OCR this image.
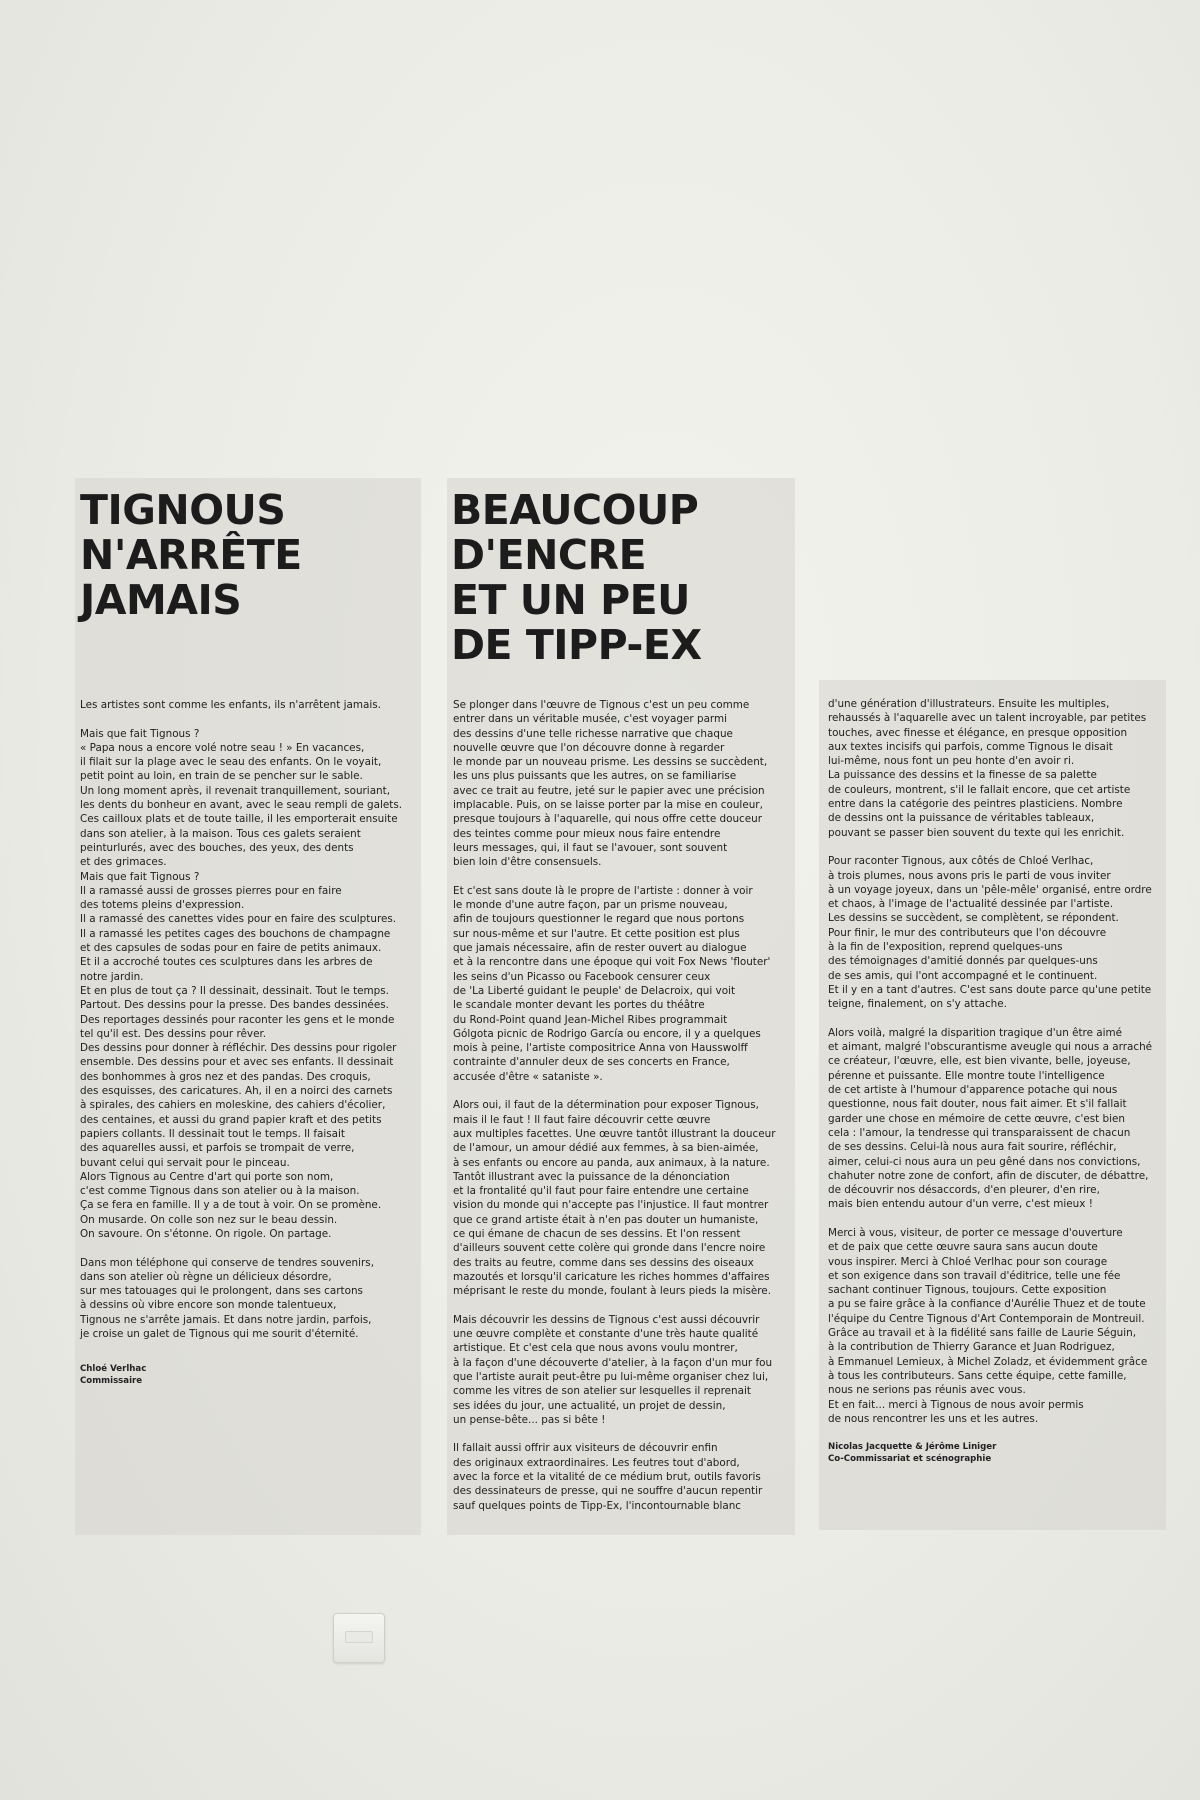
TIGNOUS
N'ARRÊTE
JAMAIS

Les artistes sont comme les enfants, ils n'arrêtent jamais.

Mais que fait Tignous ?
« Papa nous a encore volé notre seau ! » En vacances,
il filait sur la plage avec le seau des enfants. On le voyait,
petit point au loin, en train de se pencher sur le sable.
Un long moment après, il revenait tranquillement, souriant,
les dents du bonheur en avant, avec le seau rempli de galets.
Ces cailloux plats et de toute taille, il les emporterait ensuite
dans son atelier, à la maison. Tous ces galets seraient
peinturlurés, avec des bouches, des yeux, des dents
et des grimaces.
Mais que fait Tignous ?
Il a ramassé aussi de grosses pierres pour en faire
des totems pleins d'expression.
Il a ramassé des canettes vides pour en faire des sculptures.
Il a ramassé les petites cages des bouchons de champagne
et des capsules de sodas pour en faire de petits animaux.
Et il a accroché toutes ces sculptures dans les arbres de
notre jardin.
Et en plus de tout ça ? Il dessinait, dessinait. Tout le temps.
Partout. Des dessins pour la presse. Des bandes dessinées.
Des reportages dessinés pour raconter les gens et le monde
tel qu'il est. Des dessins pour rêver.
Des dessins pour donner à réfléchir. Des dessins pour rigoler
ensemble. Des dessins pour et avec ses enfants. Il dessinait
des bonhommes à gros nez et des pandas. Des croquis,
des esquisses, des caricatures. Ah, il en a noirci des carnets
à spirales, des cahiers en moleskine, des cahiers d'écolier,
des centaines, et aussi du grand papier kraft et des petits
papiers collants. Il dessinait tout le temps. Il faisait
des aquarelles aussi, et parfois se trompait de verre,
buvant celui qui servait pour le pinceau.
Alors Tignous au Centre d'art qui porte son nom,
c'est comme Tignous dans son atelier ou à la maison.
Ça se fera en famille. Il y a de tout à voir. On se promène.
On musarde. On colle son nez sur le beau dessin.
On savoure. On s'étonne. On rigole. On partage.

Dans mon téléphone qui conserve de tendres souvenirs,
dans son atelier où règne un délicieux désordre,
sur mes tatouages qui le prolongent, dans ses cartons
à dessins où vibre encore son monde talentueux,
Tignous ne s'arrête jamais. Et dans notre jardin, parfois,
je croise un galet de Tignous qui me sourit d'éternité.

Chloé Verlhac
Commissaire

BEAUCOUP
D'ENCRE
ET UN PEU
DE TIPP-EX

Se plonger dans l'œuvre de Tignous c'est un peu comme
entrer dans un véritable musée, c'est voyager parmi
des dessins d'une telle richesse narrative que chaque
nouvelle œuvre que l'on découvre donne à regarder
le monde par un nouveau prisme. Les dessins se succèdent,
les uns plus puissants que les autres, on se familiarise
avec ce trait au feutre, jeté sur le papier avec une précision
implacable. Puis, on se laisse porter par la mise en couleur,
presque toujours à l'aquarelle, qui nous offre cette douceur
des teintes comme pour mieux nous faire entendre
leurs messages, qui, il faut se l'avouer, sont souvent
bien loin d'être consensuels.

Et c'est sans doute là le propre de l'artiste : donner à voir
le monde d'une autre façon, par un prisme nouveau,
afin de toujours questionner le regard que nous portons
sur nous-même et sur l'autre. Et cette position est plus
que jamais nécessaire, afin de rester ouvert au dialogue
et à la rencontre dans une époque qui voit Fox News 'flouter'
les seins d'un Picasso ou Facebook censurer ceux
de 'La Liberté guidant le peuple' de Delacroix, qui voit
le scandale monter devant les portes du théâtre
du Rond-Point quand Jean-Michel Ribes programmait
Gólgota picnic de Rodrigo García ou encore, il y a quelques
mois à peine, l'artiste compositrice Anna von Hausswolff
contrainte d'annuler deux de ses concerts en France,
accusée d'être « sataniste ».

Alors oui, il faut de la détermination pour exposer Tignous,
mais il le faut ! Il faut faire découvrir cette œuvre
aux multiples facettes. Une œuvre tantôt illustrant la douceur
de l'amour, un amour dédié aux femmes, à sa bien-aimée,
à ses enfants ou encore au panda, aux animaux, à la nature.
Tantôt illustrant avec la puissance de la dénonciation
et la frontalité qu'il faut pour faire entendre une certaine
vision du monde qui n'accepte pas l'injustice. Il faut montrer
que ce grand artiste était à n'en pas douter un humaniste,
ce qui émane de chacun de ses dessins. Et l'on ressent
d'ailleurs souvent cette colère qui gronde dans l'encre noire
des traits au feutre, comme dans ses dessins des oiseaux
mazoutés et lorsqu'il caricature les riches hommes d'affaires
méprisant le reste du monde, foulant à leurs pieds la misère.

Mais découvrir les dessins de Tignous c'est aussi découvrir
une œuvre complète et constante d'une très haute qualité
artistique. Et c'est cela que nous avons voulu montrer,
à la façon d'une découverte d'atelier, à la façon d'un mur fou
que l'artiste aurait peut-être pu lui-même organiser chez lui,
comme les vitres de son atelier sur lesquelles il reprenait
ses idées du jour, une actualité, un projet de dessin,
un pense-bête... pas si bête !

Il fallait aussi offrir aux visiteurs de découvrir enfin
des originaux extraordinaires. Les feutres tout d'abord,
avec la force et la vitalité de ce médium brut, outils favoris
des dessinateurs de presse, qui ne souffre d'aucun repentir
sauf quelques points de Tipp-Ex, l'incontournable blanc

d'une génération d'illustrateurs. Ensuite les multiples,
rehaussés à l'aquarelle avec un talent incroyable, par petites
touches, avec finesse et élégance, en presque opposition
aux textes incisifs qui parfois, comme Tignous le disait
lui-même, nous font un peu honte d'en avoir ri.
La puissance des dessins et la finesse de sa palette
de couleurs, montrent, s'il le fallait encore, que cet artiste
entre dans la catégorie des peintres plasticiens. Nombre
de dessins ont la puissance de véritables tableaux,
pouvant se passer bien souvent du texte qui les enrichit.

Pour raconter Tignous, aux côtés de Chloé Verlhac,
à trois plumes, nous avons pris le parti de vous inviter
à un voyage joyeux, dans un 'pêle-mêle' organisé, entre ordre
et chaos, à l'image de l'actualité dessinée par l'artiste.
Les dessins se succèdent, se complètent, se répondent.
Pour finir, le mur des contributeurs que l'on découvre
à la fin de l'exposition, reprend quelques-uns
des témoignages d'amitié donnés par quelques-uns
de ses amis, qui l'ont accompagné et le continuent.
Et il y en a tant d'autres. C'est sans doute parce qu'une petite
teigne, finalement, on s'y attache.

Alors voilà, malgré la disparition tragique d'un être aimé
et aimant, malgré l'obscurantisme aveugle qui nous a arraché
ce créateur, l'œuvre, elle, est bien vivante, belle, joyeuse,
pérenne et puissante. Elle montre toute l'intelligence
de cet artiste à l'humour d'apparence potache qui nous
questionne, nous fait douter, nous fait aimer. Et s'il fallait
garder une chose en mémoire de cette œuvre, c'est bien
cela : l'amour, la tendresse qui transparaissent de chacun
de ses dessins. Celui-là nous aura fait sourire, réfléchir,
aimer, celui-ci nous aura un peu gêné dans nos convictions,
chahuter notre zone de confort, afin de discuter, de débattre,
de découvrir nos désaccords, d'en pleurer, d'en rire,
mais bien entendu autour d'un verre, c'est mieux !

Merci à vous, visiteur, de porter ce message d'ouverture
et de paix que cette œuvre saura sans aucun doute
vous inspirer. Merci à Chloé Verlhac pour son courage
et son exigence dans son travail d'éditrice, telle une fée
sachant continuer Tignous, toujours. Cette exposition
a pu se faire grâce à la confiance d'Aurélie Thuez et de toute
l'équipe du Centre Tignous d'Art Contemporain de Montreuil.
Grâce au travail et à la fidélité sans faille de Laurie Séguin,
à la contribution de Thierry Garance et Juan Rodriguez,
à Emmanuel Lemieux, à Michel Zoladz, et évidemment grâce
à tous les contributeurs. Sans cette équipe, cette famille,
nous ne serions pas réunis avec vous.
Et en fait... merci à Tignous de nous avoir permis
de nous rencontrer les uns et les autres.

Nicolas Jacquette & Jérôme Liniger
Co-Commissariat et scénographie
